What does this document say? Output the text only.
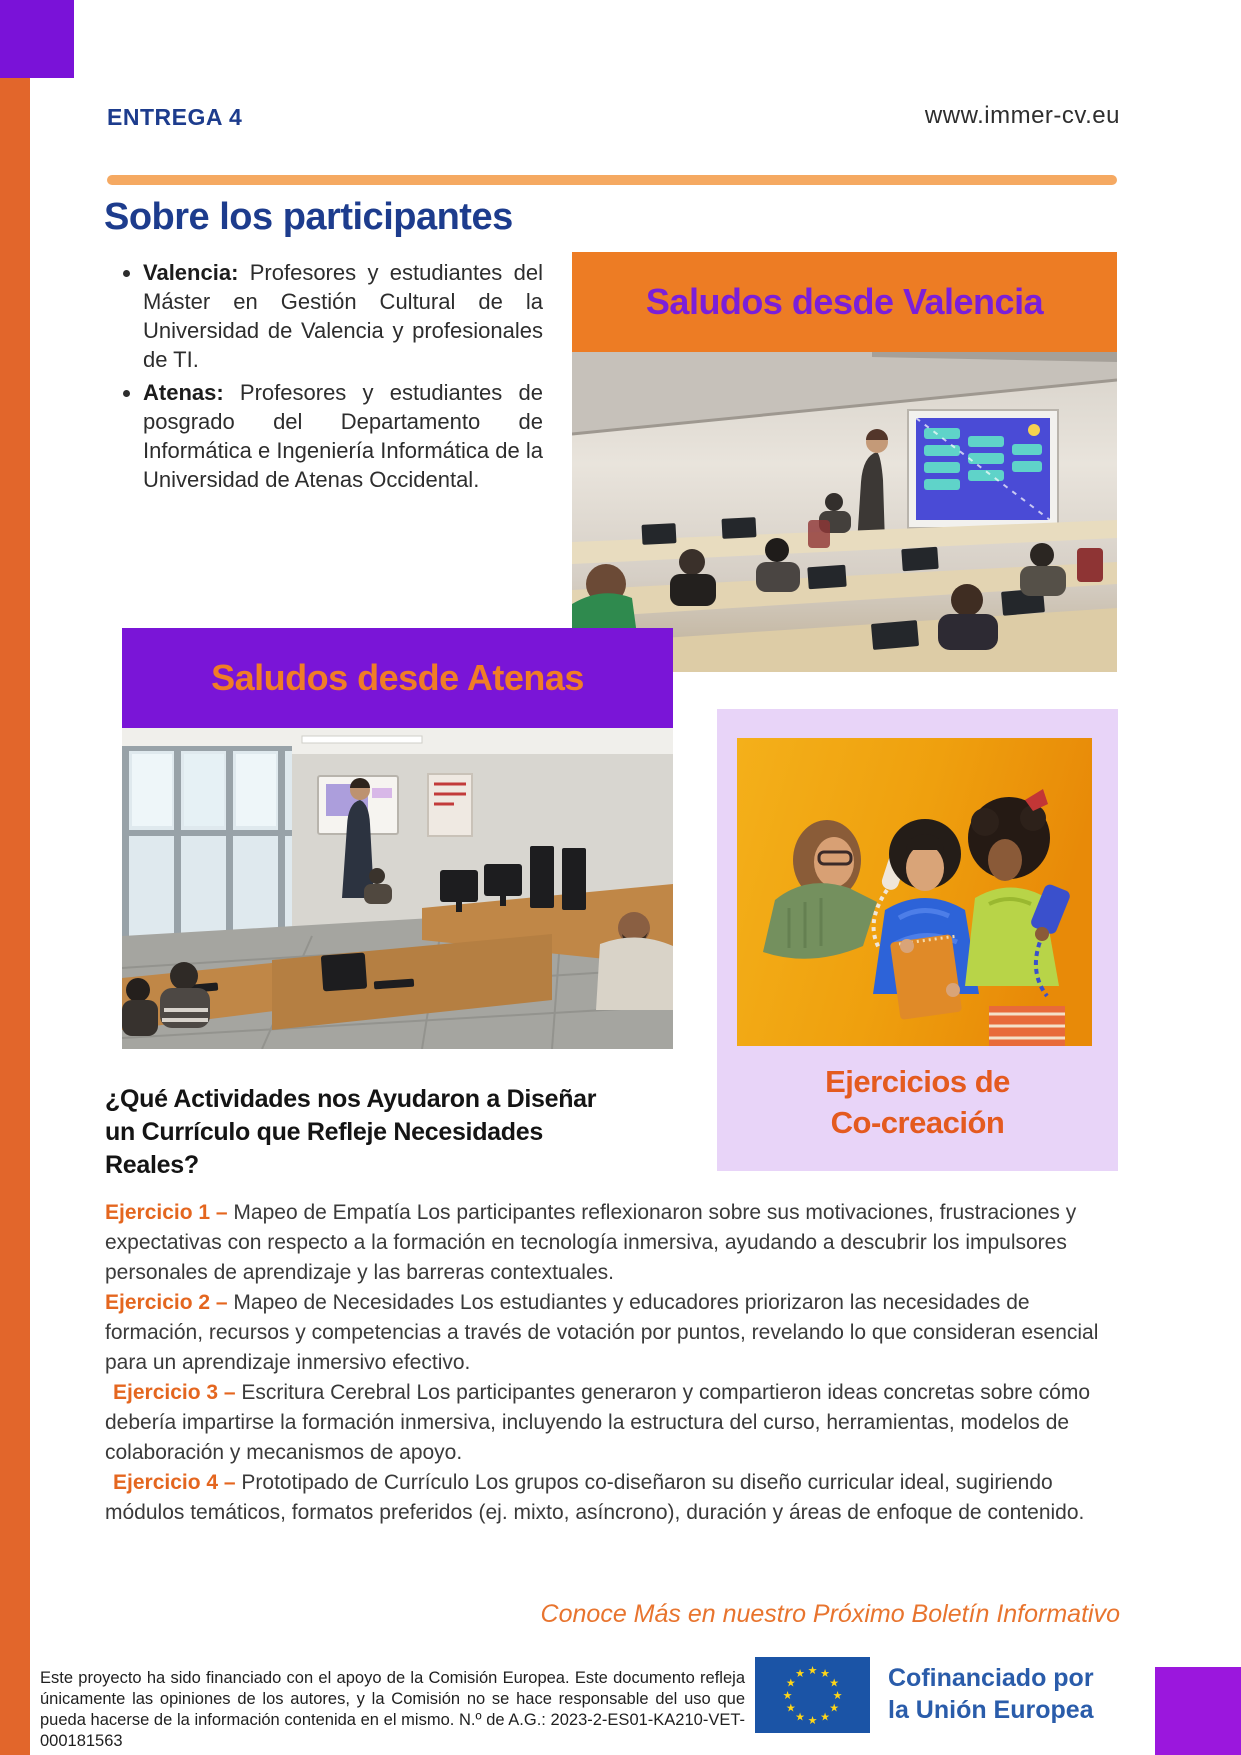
ENTREGA 4	www.immer-cv.eu
Sobre los participantes
• Valencia: Profesores y estudiantes del Máster en Gestión Cultural de la Universidad de Valencia y profesionales de TI.
• Atenas: Profesores y estudiantes de posgrado del Departamento de Informática e Ingeniería Informática de la Universidad de Atenas Occidental.
Saludos desde Valencia
Saludos desde Atenas
Ejercicios de
Co-creación
¿Qué Actividades nos Ayudaron a Diseñar un Currículo que Refleje Necesidades Reales?

Ejercicio 1 – Mapeo de Empatía Los participantes reflexionaron sobre sus motivaciones, frustraciones y expectativas con respecto a la formación en tecnología inmersiva, ayudando a descubrir los impulsores personales de aprendizaje y las barreras contextuales.

Ejercicio 2 – Mapeo de Necesidades Los estudiantes y educadores priorizaron las necesidades de formación, recursos y competencias a través de votación por puntos, revelando lo que consideran esencial para un aprendizaje inmersivo efectivo.

Ejercicio 3 – Escritura Cerebral Los participantes generaron y compartieron ideas concretas sobre cómo debería impartirse la formación inmersiva, incluyendo la estructura del curso, herramientas, modelos de colaboración y mecanismos de apoyo.

Ejercicio 4 – Prototipado de Currículo Los grupos co-diseñaron su diseño curricular ideal, sugiriendo módulos temáticos, formatos preferidos (ej. mixto, asíncrono), duración y áreas de enfoque de contenido.

Conoce Más en nuestro Próximo Boletín Informativo
Este proyecto ha sido financiado con el apoyo de la Comisión Europea. Este documento refleja únicamente las opiniones de los autores, y la Comisión no se hace responsable del uso que pueda hacerse de la información contenida en el mismo. N.º de A.G.: 2023-2-ES01-KA210-VET-000181563
★ ★
★
★
★
★
★
★
★
★
★
★	Cofinanciado por
la Unión Europea
